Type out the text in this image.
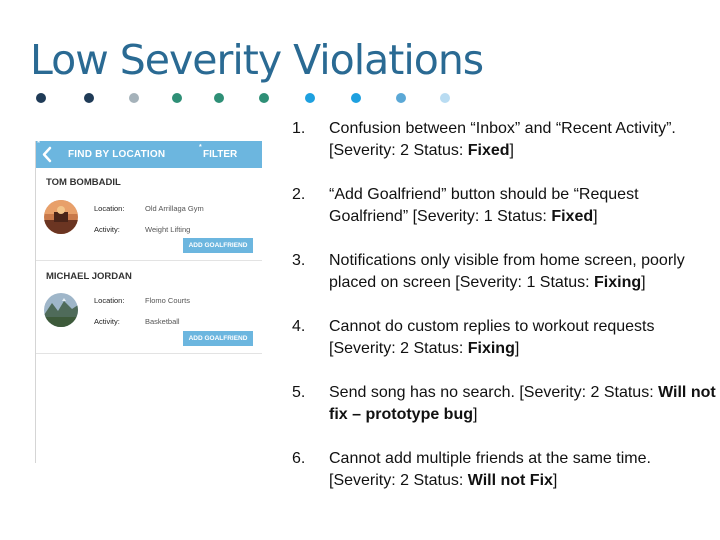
Low Severity Violations
*
FIND BY LOCATION
*
FILTER
TOM BOMBADIL
Location:	Old Arrillaga Gym
Activity:	Weight Lifting
ADD GOALFRIEND
MICHAEL JORDAN
Location:	Flomo Courts
Activity:	Basketball
ADD GOALFRIEND
1. Confusion between “Inbox” and “Recent Activity”. [Severity: 2 Status: Fixed]
2. “Add Goalfriend” button should be “Request Goalfriend” [Severity: 1 Status: Fixed]
3. Notifications only visible from home screen, poorly placed on screen [Severity: 1 Status: Fixing]
4. Cannot do custom replies to workout requests [Severity: 2 Status: Fixing]
5. Send song has no search. [Severity: 2 Status: Will not fix – prototype bug]
6. Cannot add multiple friends at the same time. [Severity: 2 Status: Will not Fix]
